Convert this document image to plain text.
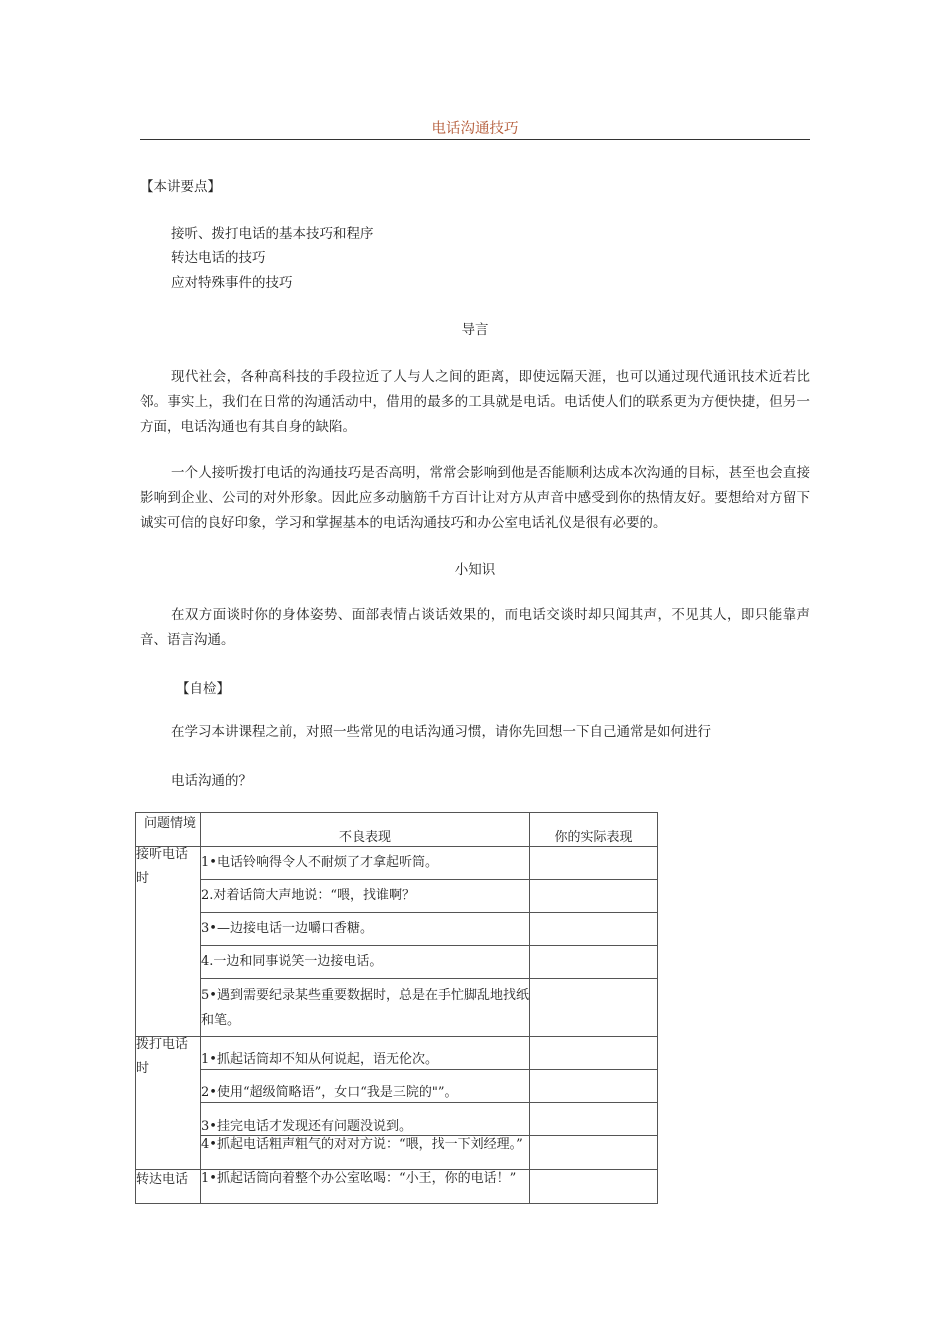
电话沟通技巧
【本讲要点】
接听、拨打电话的基本技巧和程序
转达电话的技巧
应对特殊事件的技巧
导言
现代社会，各种高科技的手段拉近了人与人之间的距离，即使远隔天涯，也可以通过现代通讯技术近若比邻。事实上，我们在日常的沟通活动中，借用的最多的工具就是电话。电话使人们的联系更为方便快捷，但另一方面，电话沟通也有其自身的缺陷。
一个人接听拨打电话的沟通技巧是否高明，常常会影响到他是否能顺利达成本次沟通的目标，甚至也会直接影响到企业、公司的对外形象。因此应多动脑筋千方百计让对方从声音中感受到你的热情友好。要想给对方留下诚实可信的良好印象，学习和掌握基本的电话沟通技巧和办公室电话礼仪是很有必要的。
小知识
在双方面谈时你的身体姿势、面部表情占谈话效果的，而电话交谈时却只闻其声，不见其人，即只能靠声音、语言沟通。
【自检】
在学习本讲课程之前，对照一些常见的电话沟通习惯，请你先回想一下自己通常是如何进行
电话沟通的？
问题情境	不良表现	你的实际表现
接听电话
时	1•电话铃响得令人不耐烦了才拿起听筒。	
	2.对着话筒大声地说：“喂，找谁啊？	
	3•—边接电话一边嚼口香糖。	
	4.一边和同事说笑一边接电话。	
	5•遇到需要纪录某些重要数据时，总是在手忙脚乱地找纸和笔。	
拨打电话
时	1•抓起话筒却不知从何说起，语无伦次。	
	2•使用“超级简略语”，女口“我是三院的"”。	
	3•挂完电话才发现还有问题没说到。	
	4•抓起电话粗声粗气的对对方说：“喂，找一下刘经理。”	
转达电话	1•抓起话筒向着整个办公室吆喝：“小王，你的电话！”	
